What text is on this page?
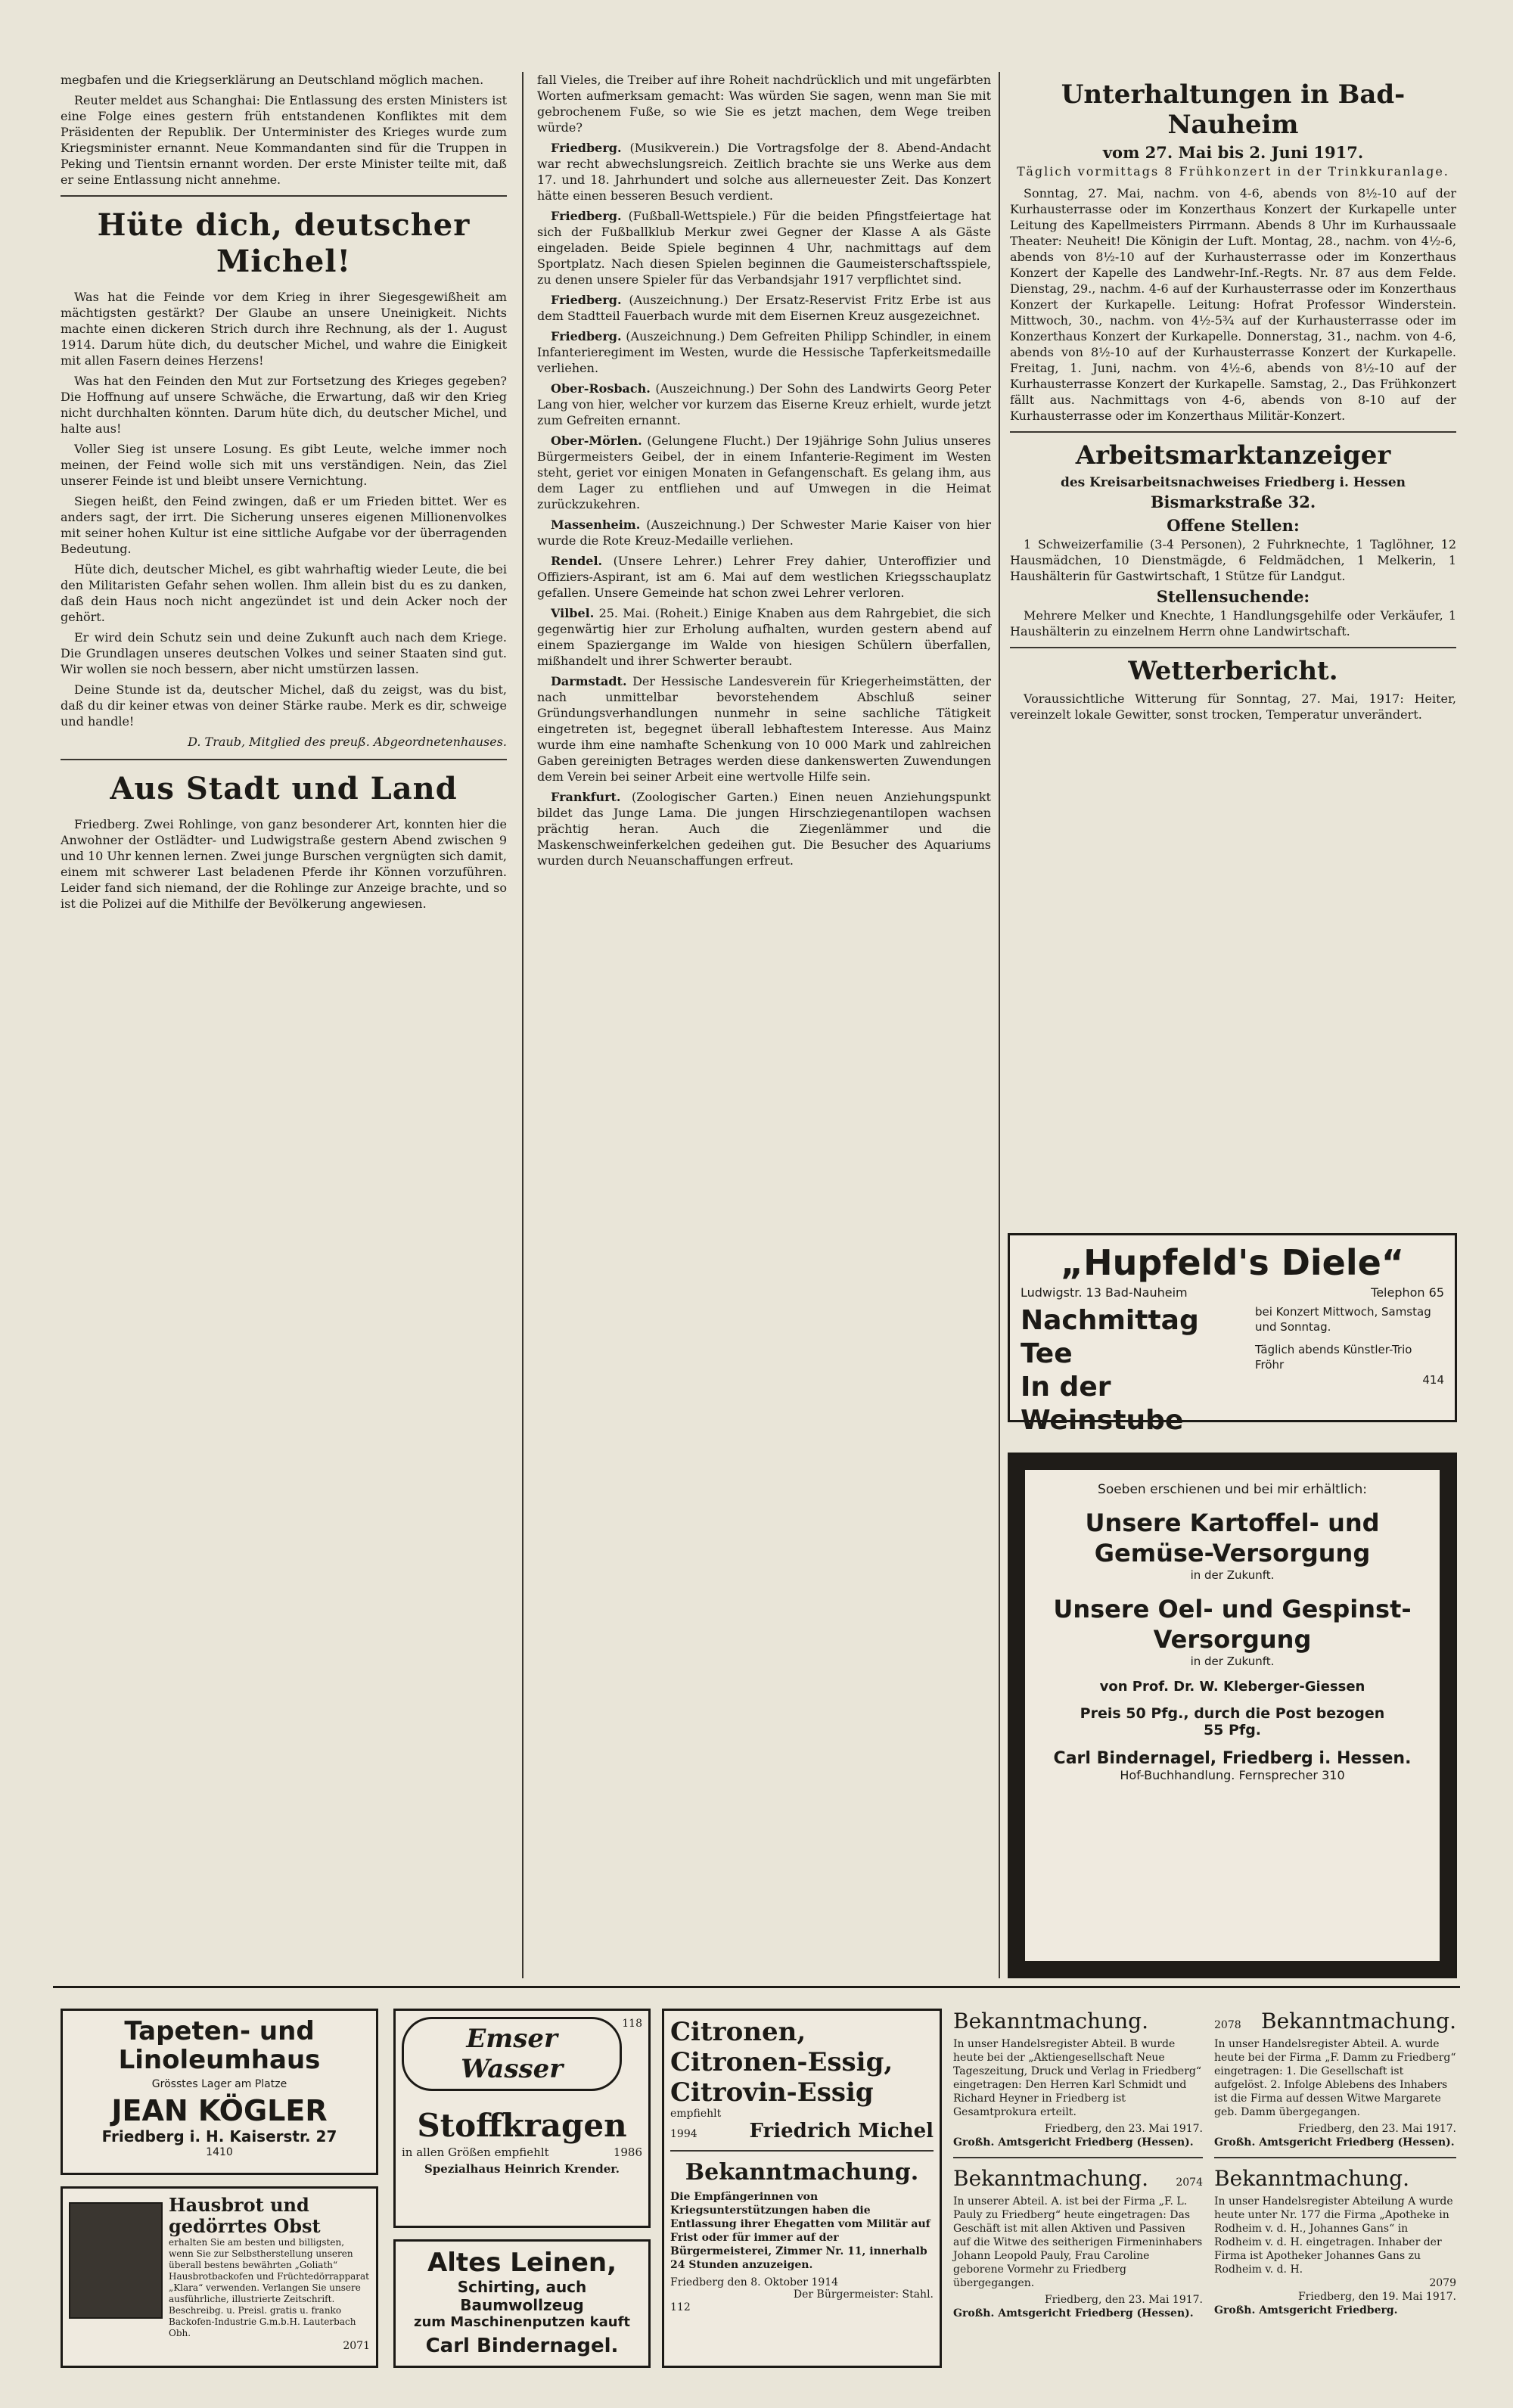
megbafen und die Kriegserklärung an Deutschland möglich machen.

Reuter meldet aus Schanghai: Die Entlassung des ersten Ministers ist eine Folge eines gestern früh entstandenen Konfliktes mit dem Präsidenten der Republik. Der Unterminister des Krieges wurde zum Kriegsminister ernannt. Neue Kommandanten sind für die Truppen in Peking und Tientsin ernannt worden. Der erste Minister teilte mit, daß er seine Entlassung nicht annehme.

Hüte dich, deutscher Michel!

Was hat die Feinde vor dem Krieg in ihrer Siegesgewißheit am mächtigsten gestärkt? Der Glaube an unsere Uneinigkeit. Nichts machte einen dickeren Strich durch ihre Rechnung, als der 1. August 1914. Darum hüte dich, du deutscher Michel, und wahre die Einigkeit mit allen Fasern deines Herzens!

Was hat den Feinden den Mut zur Fortsetzung des Krieges gegeben? Die Hoffnung auf unsere Schwäche, die Erwartung, daß wir den Krieg nicht durchhalten könnten. Darum hüte dich, du deutscher Michel, und halte aus!

Voller Sieg ist unsere Losung. Es gibt Leute, welche immer noch meinen, der Feind wolle sich mit uns verständigen. Nein, das Ziel unserer Feinde ist und bleibt unsere Vernichtung.

Siegen heißt, den Feind zwingen, daß er um Frieden bittet. Wer es anders sagt, der irrt. Die Sicherung unseres eigenen Millionenvolkes mit seiner hohen Kultur ist eine sittliche Aufgabe vor der überragenden Bedeutung.

Hüte dich, deutscher Michel, es gibt wahrhaftig wieder Leute, die bei den Militaristen Gefahr sehen wollen. Ihm allein bist du es zu danken, daß dein Haus noch nicht angezündet ist und dein Acker noch der gehört.

Er wird dein Schutz sein und deine Zukunft auch nach dem Kriege. Die Grundlagen unseres deutschen Volkes und seiner Staaten sind gut. Wir wollen sie noch bessern, aber nicht umstürzen lassen.

Deine Stunde ist da, deutscher Michel, daß du zeigst, was du bist, daß du dir keiner etwas von deiner Stärke raube. Merk es dir, schweige und handle!

D. Traub, Mitglied des preuß. Abgeordnetenhauses.
Aus Stadt und Land

Friedberg. Zwei Rohlinge, von ganz besonderer Art, konnten hier die Anwohner der Ostlädter- und Ludwigstraße gestern Abend zwischen 9 und 10 Uhr kennen lernen. Zwei junge Burschen vergnügten sich damit, einem mit schwerer Last beladenen Pferde ihr Können vorzuführen. Leider fand sich niemand, der die Rohlinge zur Anzeige brachte, und so ist die Polizei auf die Mithilfe der Bevölkerung angewiesen.

fall Vieles, die Treiber auf ihre Roheit nachdrücklich und mit ungefärbten Worten aufmerksam gemacht: Was würden Sie sagen, wenn man Sie mit gebrochenem Fuße, so wie Sie es jetzt machen, dem Wege treiben würde?

Friedberg. (Musikverein.) Die Vortragsfolge der 8. Abend-Andacht war recht abwechslungsreich. Zeitlich brachte sie uns Werke aus dem 17. und 18. Jahrhundert und solche aus allerneuester Zeit. Das Konzert hätte einen besseren Besuch verdient.

Friedberg. (Fußball-Wettspiele.) Für die beiden Pfingstfeiertage hat sich der Fußballklub Merkur zwei Gegner der Klasse A als Gäste eingeladen. Beide Spiele beginnen 4 Uhr, nachmittags auf dem Sportplatz. Nach diesen Spielen beginnen die Gaumeisterschaftsspiele, zu denen unsere Spieler für das Verbandsjahr 1917 verpflichtet sind.

Friedberg. (Auszeichnung.) Der Ersatz-Reservist Fritz Erbe ist aus dem Stadtteil Fauerbach wurde mit dem Eisernen Kreuz ausgezeichnet.

Friedberg. (Auszeichnung.) Dem Gefreiten Philipp Schindler, in einem Infanterieregiment im Westen, wurde die Hessische Tapferkeitsmedaille verliehen.

Ober-Rosbach. (Auszeichnung.) Der Sohn des Landwirts Georg Peter Lang von hier, welcher vor kurzem das Eiserne Kreuz erhielt, wurde jetzt zum Gefreiten ernannt.

Ober-Mörlen. (Gelungene Flucht.) Der 19jährige Sohn Julius unseres Bürgermeisters Geibel, der in einem Infanterie-Regiment im Westen steht, geriet vor einigen Monaten in Gefangenschaft. Es gelang ihm, aus dem Lager zu entfliehen und auf Umwegen in die Heimat zurückzukehren.

Massenheim. (Auszeichnung.) Der Schwester Marie Kaiser von hier wurde die Rote Kreuz-Medaille verliehen.

Rendel. (Unsere Lehrer.) Lehrer Frey dahier, Unteroffizier und Offiziers-Aspirant, ist am 6. Mai auf dem westlichen Kriegsschauplatz gefallen. Unsere Gemeinde hat schon zwei Lehrer verloren.

Vilbel. 25. Mai. (Roheit.) Einige Knaben aus dem Rahrgebiet, die sich gegenwärtig hier zur Erholung aufhalten, wurden gestern abend auf einem Spaziergange im Walde von hiesigen Schülern überfallen, mißhandelt und ihrer Schwerter beraubt.

Darmstadt. Der Hessische Landesverein für Kriegerheimstätten, der nach unmittelbar bevorstehendem Abschluß seiner Gründungsverhandlungen nunmehr in seine sachliche Tätigkeit eingetreten ist, begegnet überall lebhaftestem Interesse. Aus Mainz wurde ihm eine namhafte Schenkung von 10 000 Mark und zahlreichen Gaben gereinigten Betrages werden diese dankenswerten Zuwendungen dem Verein bei seiner Arbeit eine wertvolle Hilfe sein.

Frankfurt. (Zoologischer Garten.) Einen neuen Anziehungspunkt bildet das Junge Lama. Die jungen Hirschziegenantilopen wachsen prächtig heran. Auch die Ziegenlämmer und die Maskenschweinferkelchen gedeihen gut. Die Besucher des Aquariums wurden durch Neuanschaffungen erfreut.

Unterhaltungen in Bad-Nauheim
vom 27. Mai bis 2. Juni 1917.
Täglich vormittags 8 Frühkonzert in der Trinkkuranlage.

Sonntag, 27. Mai, nachm. von 4-6, abends von 8½-10 auf der Kurhausterrasse oder im Konzerthaus Konzert der Kurkapelle unter Leitung des Kapellmeisters Pirrmann. Abends 8 Uhr im Kurhaussaale Theater: Neuheit! Die Königin der Luft. Montag, 28., nachm. von 4½-6, abends von 8½-10 auf der Kurhausterrasse oder im Konzerthaus Konzert der Kapelle des Landwehr-Inf.-Regts. Nr. 87 aus dem Felde. Dienstag, 29., nachm. 4-6 auf der Kurhausterrasse oder im Konzerthaus Konzert der Kurkapelle. Leitung: Hofrat Professor Winderstein. Mittwoch, 30., nachm. von 4½-5¾ auf der Kurhausterrasse oder im Konzerthaus Konzert der Kurkapelle. Donnerstag, 31., nachm. von 4-6, abends von 8½-10 auf der Kurhausterrasse Konzert der Kurkapelle. Freitag, 1. Juni, nachm. von 4½-6, abends von 8½-10 auf der Kurhausterrasse Konzert der Kurkapelle. Samstag, 2., Das Frühkonzert fällt aus. Nachmittags von 4-6, abends von 8-10 auf der Kurhausterrasse oder im Konzerthaus Militär-Konzert.

Arbeitsmarktanzeiger
des Kreisarbeitsnachweises Friedberg i. Hessen
Bismarkstraße 32.
Offene Stellen:

1 Schweizerfamilie (3-4 Personen), 2 Fuhrknechte, 1 Taglöhner, 12 Hausmädchen, 10 Dienstmägde, 6 Feldmädchen, 1 Melkerin, 1 Haushälterin für Gastwirtschaft, 1 Stütze für Landgut.

Stellensuchende:

Mehrere Melker und Knechte, 1 Handlungsgehilfe oder Verkäufer, 1 Haushälterin zu einzelnem Herrn ohne Landwirtschaft.

Wetterbericht.

Voraussichtliche Witterung für Sonntag, 27. Mai, 1917: Heiter, vereinzelt lokale Gewitter, sonst trocken, Temperatur unverändert.

„Hupfeld's Diele“
Ludwigstr. 13 Bad-Nauheim	Telephon 65
Nachmittag Tee
In der Weinstube
bei Konzert Mittwoch, Samstag und Sonntag.
Täglich abends Künstler-Trio Fröhr
414
Soeben erschienen und bei mir erhältlich:
Unsere Kartoffel- und Gemüse-Versorgung
in der Zukunft.
Unsere Oel- und Gespinst-Versorgung
in der Zukunft.
von Prof. Dr. W. Kleberger-Giessen
Preis 50 Pfg., durch die Post bezogen 55 Pfg.
Carl Bindernagel, Friedberg i. Hessen.
Hof-Buchhandlung. Fernsprecher 310
Tapeten- und Linoleumhaus
Grösstes Lager am Platze
JEAN KÖGLER
Friedberg i. H. Kaiserstr. 27
1410
Hausbrot und gedörrtes Obst
erhalten Sie am besten und billigsten, wenn Sie zur Selbstherstellung unseren überall bestens bewährten „Goliath“ Hausbrotbackofen und Früchtedörrapparat „Klara“ verwenden. Verlangen Sie unsere ausführliche, illustrierte Zeitschrift. Beschreibg. u. Preisl. gratis u. franko Backofen-Industrie G.m.b.H. Lauterbach Obh.
2071
Emser Wasser
118
Stoffkragen
in allen Größen empfiehlt	1986
Spezialhaus Heinrich Krender.
Altes Leinen,
Schirting, auch Baumwollzeug
zum Maschinenputzen kauft
Carl Bindernagel.
Citronen,
Citronen-Essig,
Citrovin-Essig
empfiehlt
1994	Friedrich Michel
Bekanntmachung.
Die Empfängerinnen von Kriegsunterstützungen haben die Entlassung ihrer Ehegatten vom Militär auf Frist oder für immer auf der Bürgermeisterei, Zimmer Nr. 11, innerhalb 24 Stunden anzuzeigen.
Friedberg den 8. Oktober 1914
Der Bürgermeister: Stahl.
112
Bekanntmachung.
In unser Handelsregister Abteil. B wurde heute bei der „Aktiengesellschaft Neue Tageszeitung, Druck und Verlag in Friedberg“ eingetragen: Den Herren Karl Schmidt und Richard Heyner in Friedberg ist Gesamtprokura erteilt.
Friedberg, den 23. Mai 1917.
Großh. Amtsgericht Friedberg (Hessen).
Bekanntmachung.	2074
In unserer Abteil. A. ist bei der Firma „F. L. Pauly zu Friedberg“ heute eingetragen: Das Geschäft ist mit allen Aktiven und Passiven auf die Witwe des seitherigen Firmeninhabers Johann Leopold Pauly, Frau Caroline geborene Vormehr zu Friedberg übergegangen.
Friedberg, den 23. Mai 1917.
Großh. Amtsgericht Friedberg (Hessen).
2078 Bekanntmachung.
In unser Handelsregister Abteil. A. wurde heute bei der Firma „F. Damm zu Friedberg“ eingetragen: 1. Die Gesellschaft ist aufgelöst. 2. Infolge Ablebens des Inhabers ist die Firma auf dessen Witwe Margarete geb. Damm übergegangen.
Friedberg, den 23. Mai 1917.
Großh. Amtsgericht Friedberg (Hessen).
Bekanntmachung.
In unser Handelsregister Abteilung A wurde heute unter Nr. 177 die Firma „Apotheke in Rodheim v. d. H., Johannes Gans“ in Rodheim v. d. H. eingetragen. Inhaber der Firma ist Apotheker Johannes Gans zu Rodheim v. d. H.
2079
Friedberg, den 19. Mai 1917.
Großh. Amtsgericht Friedberg.
